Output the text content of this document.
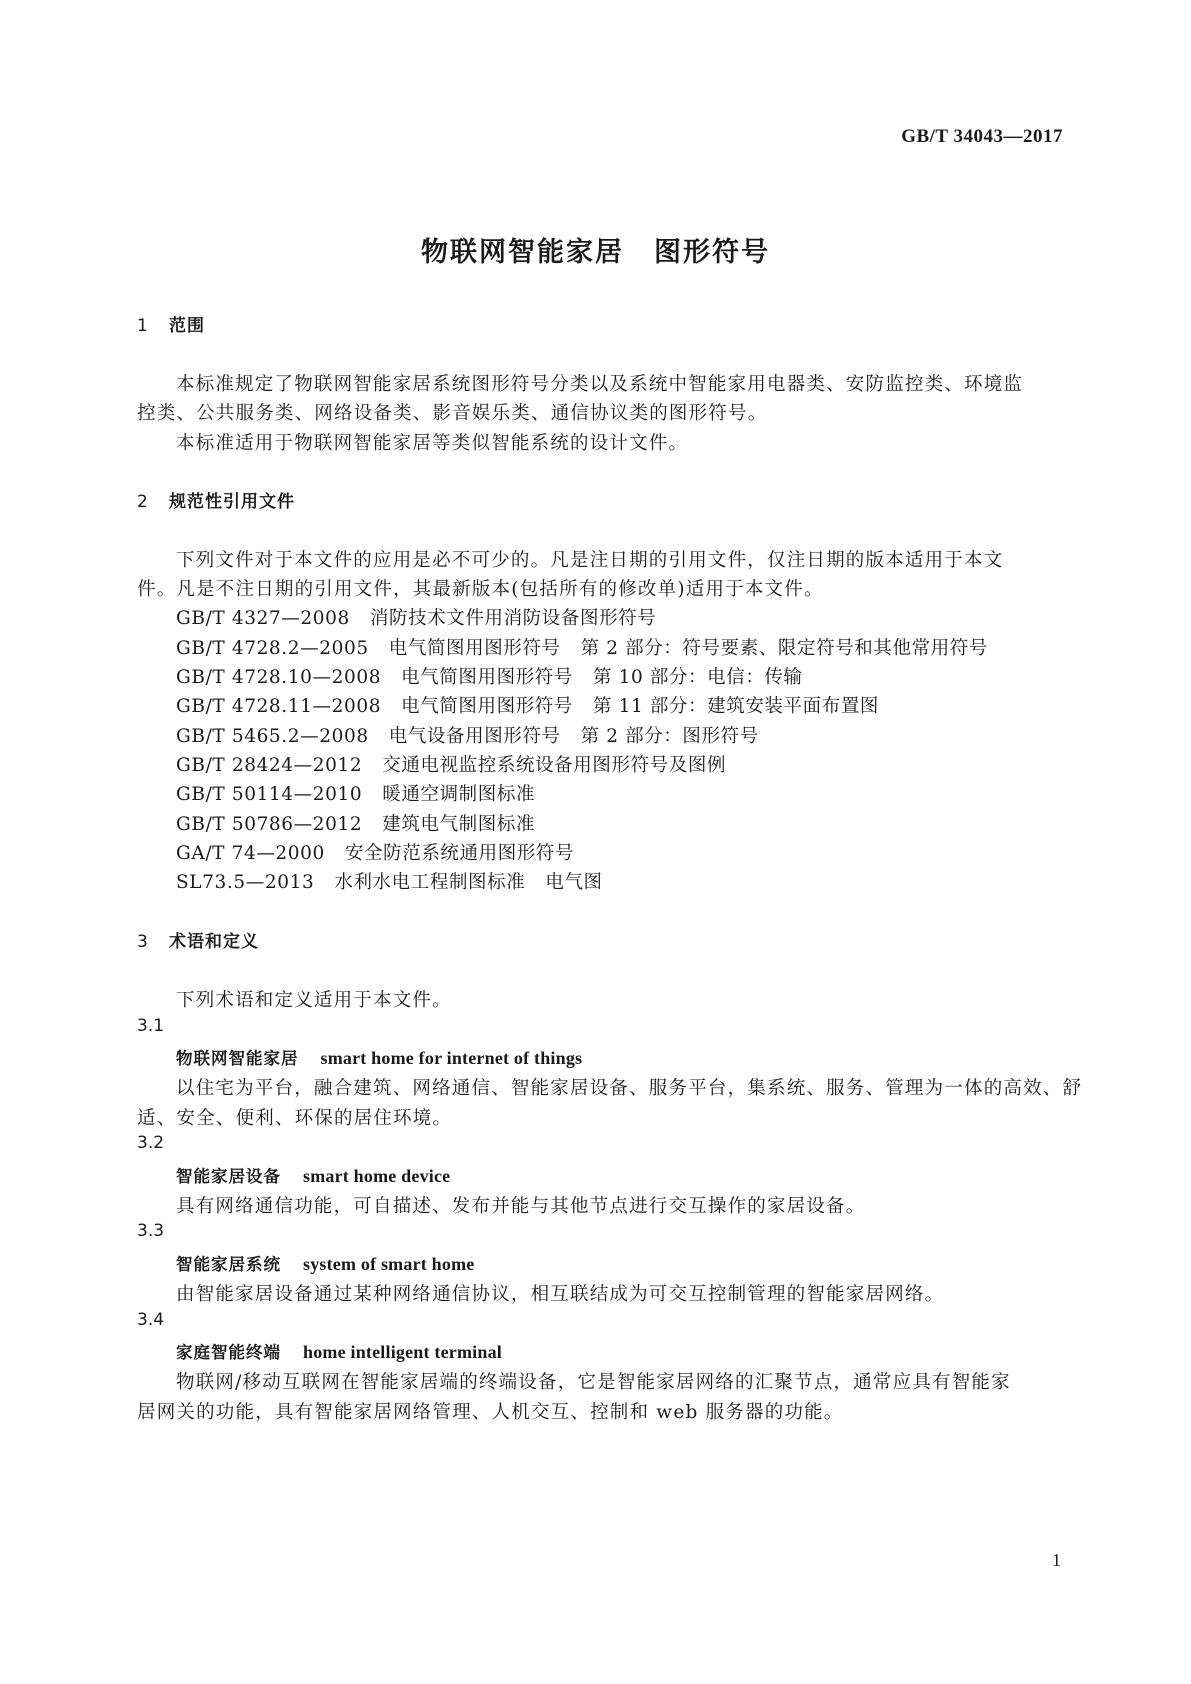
GB/T 34043—2017
物联网智能家居 图形符号
1 范围
本标准规定了物联网智能家居系统图形符号分类以及系统中智能家用电器类、安防监控类、环境监
控类、公共服务类、网络设备类、影音娱乐类、通信协议类的图形符号。
本标准适用于物联网智能家居等类似智能系统的设计文件。
2 规范性引用文件
下列文件对于本文件的应用是必不可少的。凡是注日期的引用文件，仅注日期的版本适用于本文
件。凡是不注日期的引用文件，其最新版本(包括所有的修改单)适用于本文件。
GB/T 4327—2008 消防技术文件用消防设备图形符号
GB/T 4728.2—2005 电气简图用图形符号 第 2 部分：符号要素、限定符号和其他常用符号
GB/T 4728.10—2008 电气简图用图形符号 第 10 部分：电信：传输
GB/T 4728.11—2008 电气简图用图形符号 第 11 部分：建筑安装平面布置图
GB/T 5465.2—2008 电气设备用图形符号 第 2 部分：图形符号
GB/T 28424—2012 交通电视监控系统设备用图形符号及图例
GB/T 50114—2010 暖通空调制图标准
GB/T 50786—2012 建筑电气制图标准
GA/T 74—2000 安全防范系统通用图形符号
SL73.5—2013 水利水电工程制图标准 电气图
3 术语和定义
下列术语和定义适用于本文件。
3.1
物联网智能家居 smart home for internet of things
以住宅为平台，融合建筑、网络通信、智能家居设备、服务平台，集系统、服务、管理为一体的高效、舒
适、安全、便利、环保的居住环境。
3.2
智能家居设备 smart home device
具有网络通信功能，可自描述、发布并能与其他节点进行交互操作的家居设备。
3.3
智能家居系统 system of smart home
由智能家居设备通过某种网络通信协议，相互联结成为可交互控制管理的智能家居网络。
3.4
家庭智能终端 home intelligent terminal
物联网/移动互联网在智能家居端的终端设备，它是智能家居网络的汇聚节点，通常应具有智能家
居网关的功能，具有智能家居网络管理、人机交互、控制和 web 服务器的功能。
1
